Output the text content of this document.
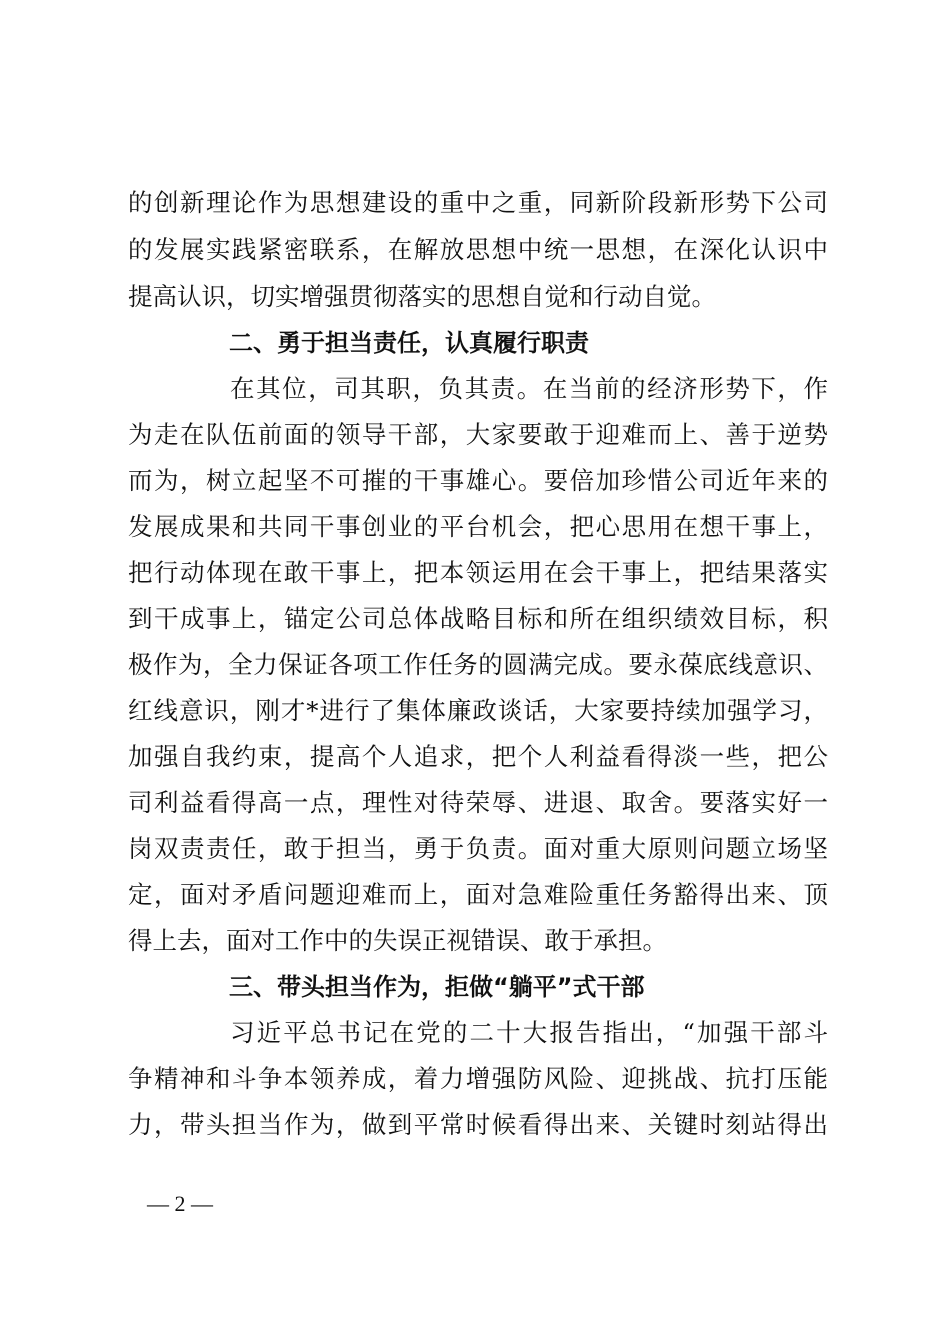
的创新理论作为思想建设的重中之重，同新阶段新形势下公司
的发展实践紧密联系，在解放思想中统一思想，在深化认识中
提高认识，切实增强贯彻落实的思想自觉和行动自觉。
二、勇于担当责任，认真履行职责
在其位，司其职，负其责。在当前的经济形势下，作
为走在队伍前面的领导干部，大家要敢于迎难而上、善于逆势
而为，树立起坚不可摧的干事雄心。要倍加珍惜公司近年来的
发展成果和共同干事创业的平台机会，把心思用在想干事上，
把行动体现在敢干事上，把本领运用在会干事上，把结果落实
到干成事上，锚定公司总体战略目标和所在组织绩效目标，积
极作为，全力保证各项工作任务的圆满完成。要永葆底线意识、
红线意识，刚才*进行了集体廉政谈话，大家要持续加强学习，
加强自我约束，提高个人追求，把个人利益看得淡一些，把公
司利益看得高一点，理性对待荣辱、进退、取舍。要落实好一
岗双责责任，敢于担当，勇于负责。面对重大原则问题立场坚
定，面对矛盾问题迎难而上，面对急难险重任务豁得出来、顶
得上去，面对工作中的失误正视错误、敢于承担。
三、带头担当作为，拒做“躺平”式干部
习近平总书记在党的二十大报告指出，“加强干部斗
争精神和斗争本领养成，着力增强防风险、迎挑战、抗打压能
力，带头担当作为，做到平常时候看得出来、关键时刻站得出
— 2 —
